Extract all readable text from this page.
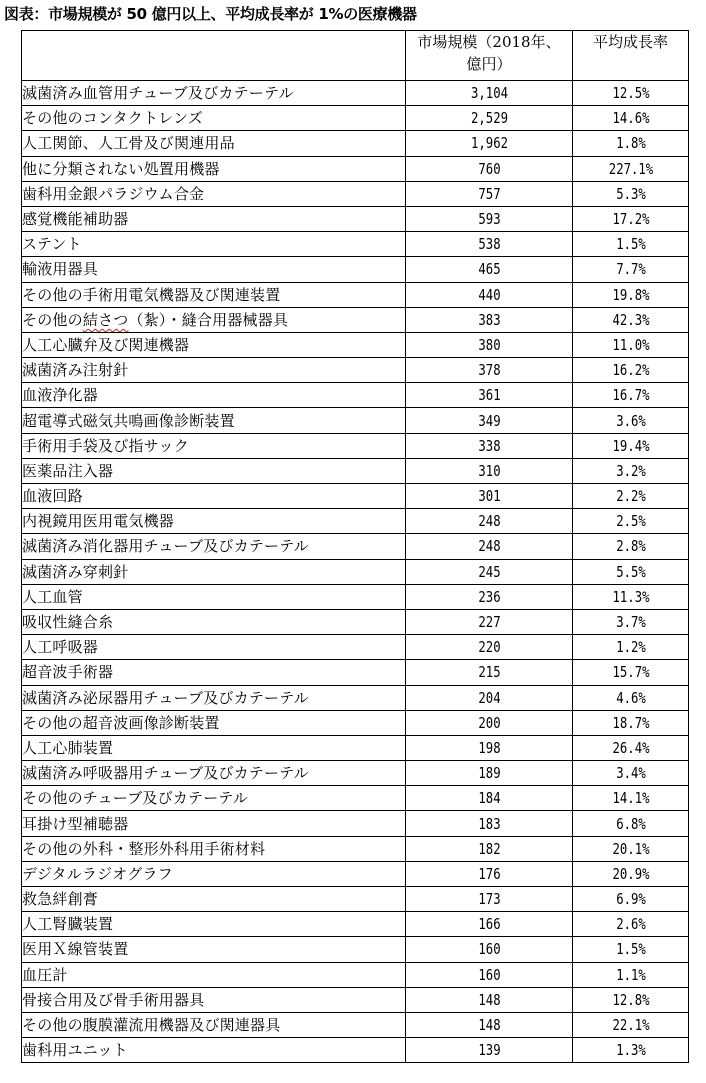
図表：市場規模が 50 億円以上、平均成長率が 1%の医療機器
	市場規模（2018年、億円）	平均成長率
滅菌済み血管用チューブ及びカテーテル	3,104	12.5%
その他のコンタクトレンズ	2,529	14.6%
人工関節、人工骨及び関連用品	1,962	1.8%
他に分類されない処置用機器	760	227.1%
歯科用金銀パラジウム合金	757	5.3%
感覚機能補助器	593	17.2%
ステント	538	1.5%
輸液用器具	465	7.7%
その他の手術用電気機器及び関連装置	440	19.8%
その他の結さつ（紮）・縫合用器械器具	383	42.3%
人工心臓弁及び関連機器	380	11.0%
滅菌済み注射針	378	16.2%
血液浄化器	361	16.7%
超電導式磁気共鳴画像診断装置	349	3.6%
手術用手袋及び指サック	338	19.4%
医薬品注入器	310	3.2%
血液回路	301	2.2%
内視鏡用医用電気機器	248	2.5%
滅菌済み消化器用チューブ及びカテーテル	248	2.8%
滅菌済み穿刺針	245	5.5%
人工血管	236	11.3%
吸収性縫合糸	227	3.7%
人工呼吸器	220	1.2%
超音波手術器	215	15.7%
滅菌済み泌尿器用チューブ及びカテーテル	204	4.6%
その他の超音波画像診断装置	200	18.7%
人工心肺装置	198	26.4%
滅菌済み呼吸器用チューブ及びカテーテル	189	3.4%
その他のチューブ及びカテーテル	184	14.1%
耳掛け型補聴器	183	6.8%
その他の外科・整形外科用手術材料	182	20.1%
デジタルラジオグラフ	176	20.9%
救急絆創膏	173	6.9%
人工腎臓装置	166	2.6%
医用Ｘ線管装置	160	1.5%
血圧計	160	1.1%
骨接合用及び骨手術用器具	148	12.8%
その他の腹膜灌流用機器及び関連器具	148	22.1%
歯科用ユニット	139	1.3%
